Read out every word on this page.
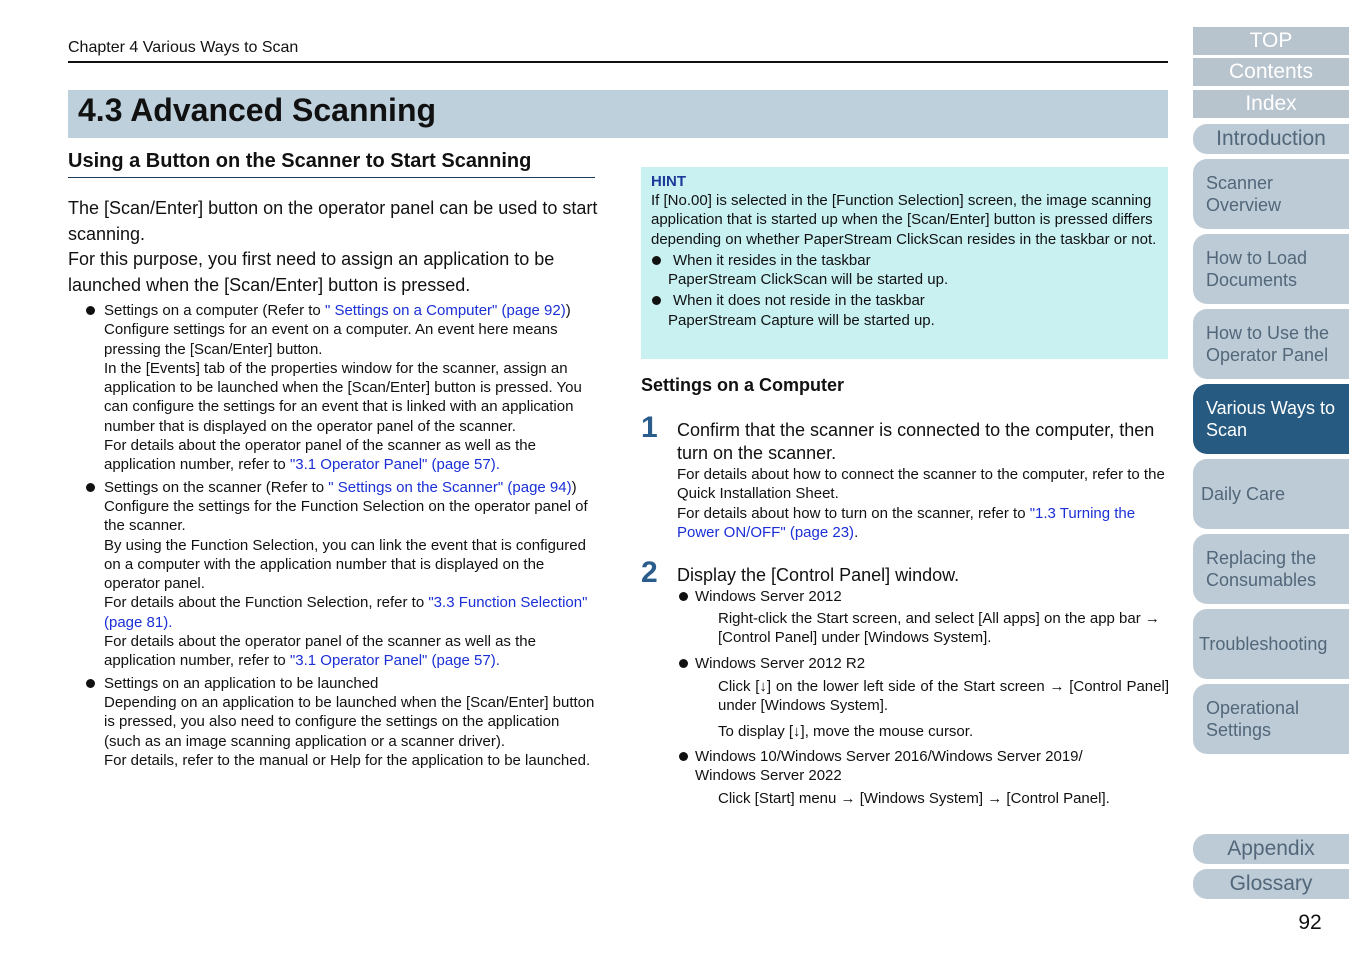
Chapter 4 Various Ways to Scan
4.3 Advanced Scanning
Using a Button on the Scanner to Start Scanning

The [Scan/Enter] button on the operator panel can be used to start scanning.

For this purpose, you first need to assign an application to be launched when the [Scan/Enter] button is pressed.

Settings on a computer (Refer to " Settings on a Computer" (page 92))
Configure settings for an event on a computer. An event here means pressing the [Scan/Enter] button.
In the [Events] tab of the properties window for the scanner, assign an application to be launched when the [Scan/Enter] button is pressed. You can configure the settings for an event that is linked with an application number that is displayed on the operator panel of the scanner.
For details about the operator panel of the scanner as well as the application number, refer to "3.1 Operator Panel" (page 57).
Settings on the scanner (Refer to " Settings on the Scanner" (page 94))
Configure the settings for the Function Selection on the operator panel of the scanner.
By using the Function Selection, you can link the event that is configured on a computer with the application number that is displayed on the operator panel.
For details about the Function Selection, refer to "3.3 Function Selection" (page 81).
For details about the operator panel of the scanner as well as the application number, refer to "3.1 Operator Panel" (page 57).
Settings on an application to be launched
Depending on an application to be launched when the [Scan/Enter] button is pressed, you also need to configure the settings on the application (such as an image scanning application or a scanner driver).
For details, refer to the manual or Help for the application to be launched.
HINT
If [No.00] is selected in the [Function Selection] screen, the image scanning application that is started up when the [Scan/Enter] button is pressed differs depending on whether PaperStream ClickScan resides in the taskbar or not.
When it resides in the taskbar
PaperStream ClickScan will be started up.
When it does not reside in the taskbar
PaperStream Capture will be started up.
Settings on a Computer
1 Confirm that the scanner is connected to the computer, then turn on the scanner.
For details about how to connect the scanner to the computer, refer to the Quick Installation Sheet.
For details about how to turn on the scanner, refer to "1.3 Turning the Power ON/OFF" (page 23).
2 Display the [Control Panel] window.
Windows Server 2012
Right-click the Start screen, and select [All apps] on the app bar → [Control Panel] under [Windows System].
Windows Server 2012 R2
Click [↓] on the lower left side of the Start screen → [Control Panel] under [Windows System].
To display [↓], move the mouse cursor.
Windows 10/Windows Server 2016/Windows Server 2019/ Windows Server 2022
Click [Start] menu → [Windows System] → [Control Panel].
TOP
Contents
Index
Introduction
Scanner Overview
How to Load Documents
How to Use the Operator Panel
Various Ways to Scan
Daily Care
Replacing the Consumables
Troubleshooting
Operational Settings
Appendix
Glossary
92
